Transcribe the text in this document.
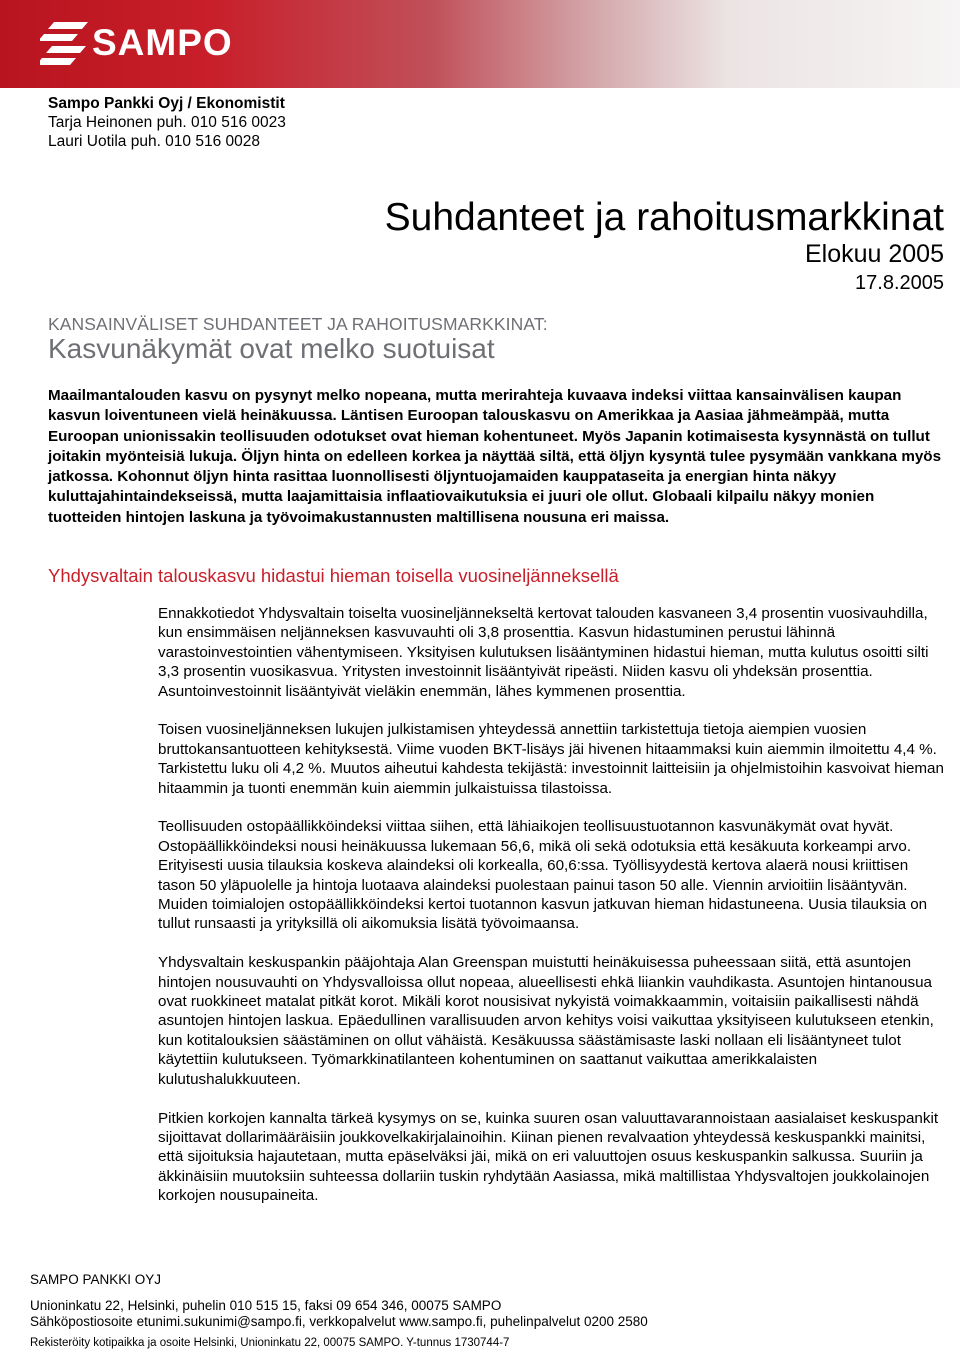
SAMPO
Sampo Pankki Oyj / Ekonomistit
Tarja Heinonen puh. 010 516 0023
Lauri Uotila puh. 010 516 0028
Suhdanteet ja rahoitusmarkkinat
Elokuu 2005
17.8.2005
KANSAINVÄLISET SUHDANTEET JA RAHOITUSMARKKINAT:
Kasvunäkymät ovat melko suotuisat
Maailmantalouden kasvu on pysynyt melko nopeana, mutta merirahteja kuvaava indeksi viittaa kansainvälisen kaupan kasvun loiventuneen vielä heinäkuussa. Läntisen Euroopan talouskasvu on Amerikkaa ja Aasiaa jähmeämpää, mutta Euroopan unionissakin teollisuuden odotukset ovat hieman kohentuneet. Myös Japanin kotimaisesta kysynnästä on tullut joitakin myönteisiä lukuja. Öljyn hinta on edelleen korkea ja näyttää siltä, että öljyn kysyntä tulee pysymään vankkana myös jatkossa. Kohonnut öljyn hinta rasittaa luonnollisesti öljyntuojamaiden kauppataseita ja energian hinta näkyy kuluttajahintaindekseissä, mutta laajamittaisia inflaatiovaikutuksia ei juuri ole ollut. Globaali kilpailu näkyy monien tuotteiden hintojen laskuna ja työvoimakustannusten maltillisena nousuna eri maissa.
Yhdysvaltain talouskasvu hidastui hieman toisella vuosineljänneksellä

Ennakkotiedot Yhdysvaltain toiselta vuosineljännekseltä kertovat talouden kasvaneen 3,4 prosentin vuosivauhdilla, kun ensimmäisen neljänneksen kasvuvauhti oli 3,8 prosenttia. Kasvun hidastuminen perustui lähinnä varastoinvestointien vähentymiseen. Yksityisen kulutuksen lisääntyminen hidastui hieman, mutta kulutus osoitti silti 3,3 prosentin vuosikasvua. Yritysten investoinnit lisääntyivät ripeästi. Niiden kasvu oli yhdeksän prosenttia. Asuntoinvestoinnit lisääntyivät vieläkin enemmän, lähes kymmenen prosenttia.

Toisen vuosineljänneksen lukujen julkistamisen yhteydessä annettiin tarkistettuja tietoja aiempien vuosien bruttokansantuotteen kehityksestä. Viime vuoden BKT-lisäys jäi hivenen hitaammaksi kuin aiemmin ilmoitettu 4,4 %. Tarkistettu luku oli 4,2 %. Muutos aiheutui kahdesta tekijästä: investoinnit laitteisiin ja ohjelmistoihin kasvoivat hieman hitaammin ja tuonti enemmän kuin aiemmin julkaistuissa tilastoissa.

Teollisuuden ostopäällikköindeksi viittaa siihen, että lähiaikojen teollisuustuotannon kasvunäkymät ovat hyvät. Ostopäällikköindeksi nousi heinäkuussa lukemaan 56,6, mikä oli sekä odotuksia että kesäkuuta korkeampi arvo. Erityisesti uusia tilauksia koskeva alaindeksi oli korkealla, 60,6:ssa. Työllisyydestä kertova alaerä nousi kriittisen tason 50 yläpuolelle ja hintoja luotaava alaindeksi puolestaan painui tason 50 alle. Viennin arvioitiin lisääntyvän. Muiden toimialojen ostopäällikköindeksi kertoi tuotannon kasvun jatkuvan hieman hidastuneena. Uusia tilauksia on tullut runsaasti ja yrityksillä oli aikomuksia lisätä työvoimaansa.

Yhdysvaltain keskuspankin pääjohtaja Alan Greenspan muistutti heinäkuisessa puheessaan siitä, että asuntojen hintojen nousuvauhti on Yhdysvalloissa ollut nopeaa, alueellisesti ehkä liiankin vauhdikasta. Asuntojen hintanousua ovat ruokkineet matalat pitkät korot. Mikäli korot nousisivat nykyistä voimakkaammin, voitaisiin paikallisesti nähdä asuntojen hintojen laskua. Epäedullinen varallisuuden arvon kehitys voisi vaikuttaa yksityiseen kulutukseen etenkin, kun kotitalouksien säästäminen on ollut vähäistä. Kesäkuussa säästämisaste laski nollaan eli lisääntyneet tulot käytettiin kulutukseen. Työmarkkinatilanteen kohentuminen on saattanut vaikuttaa amerikkalaisten kulutushalukkuuteen.

Pitkien korkojen kannalta tärkeä kysymys on se, kuinka suuren osan valuuttavarannoistaan aasialaiset keskuspankit sijoittavat dollarimääräisiin joukkovelkakirjalainoihin. Kiinan pienen revalvaation yhteydessä keskuspankki mainitsi, että sijoituksia hajautetaan, mutta epäselväksi jäi, mikä on eri valuuttojen osuus keskuspankin salkussa. Suuriin ja äkkinäisiin muutoksiin suhteessa dollariin tuskin ryhdytään Aasiassa, mikä maltillistaa Yhdysvaltojen joukkolainojen korkojen nousupaineita.

SAMPO PANKKI OYJ
Unioninkatu 22, Helsinki, puhelin 010 515 15, faksi 09 654 346, 00075 SAMPO
Sähköpostiosoite etunimi.sukunimi@sampo.fi, verkkopalvelut www.sampo.fi, puhelinpalvelut 0200 2580
Rekisteröity kotipaikka ja osoite Helsinki, Unioninkatu 22, 00075 SAMPO. Y-tunnus 1730744-7
